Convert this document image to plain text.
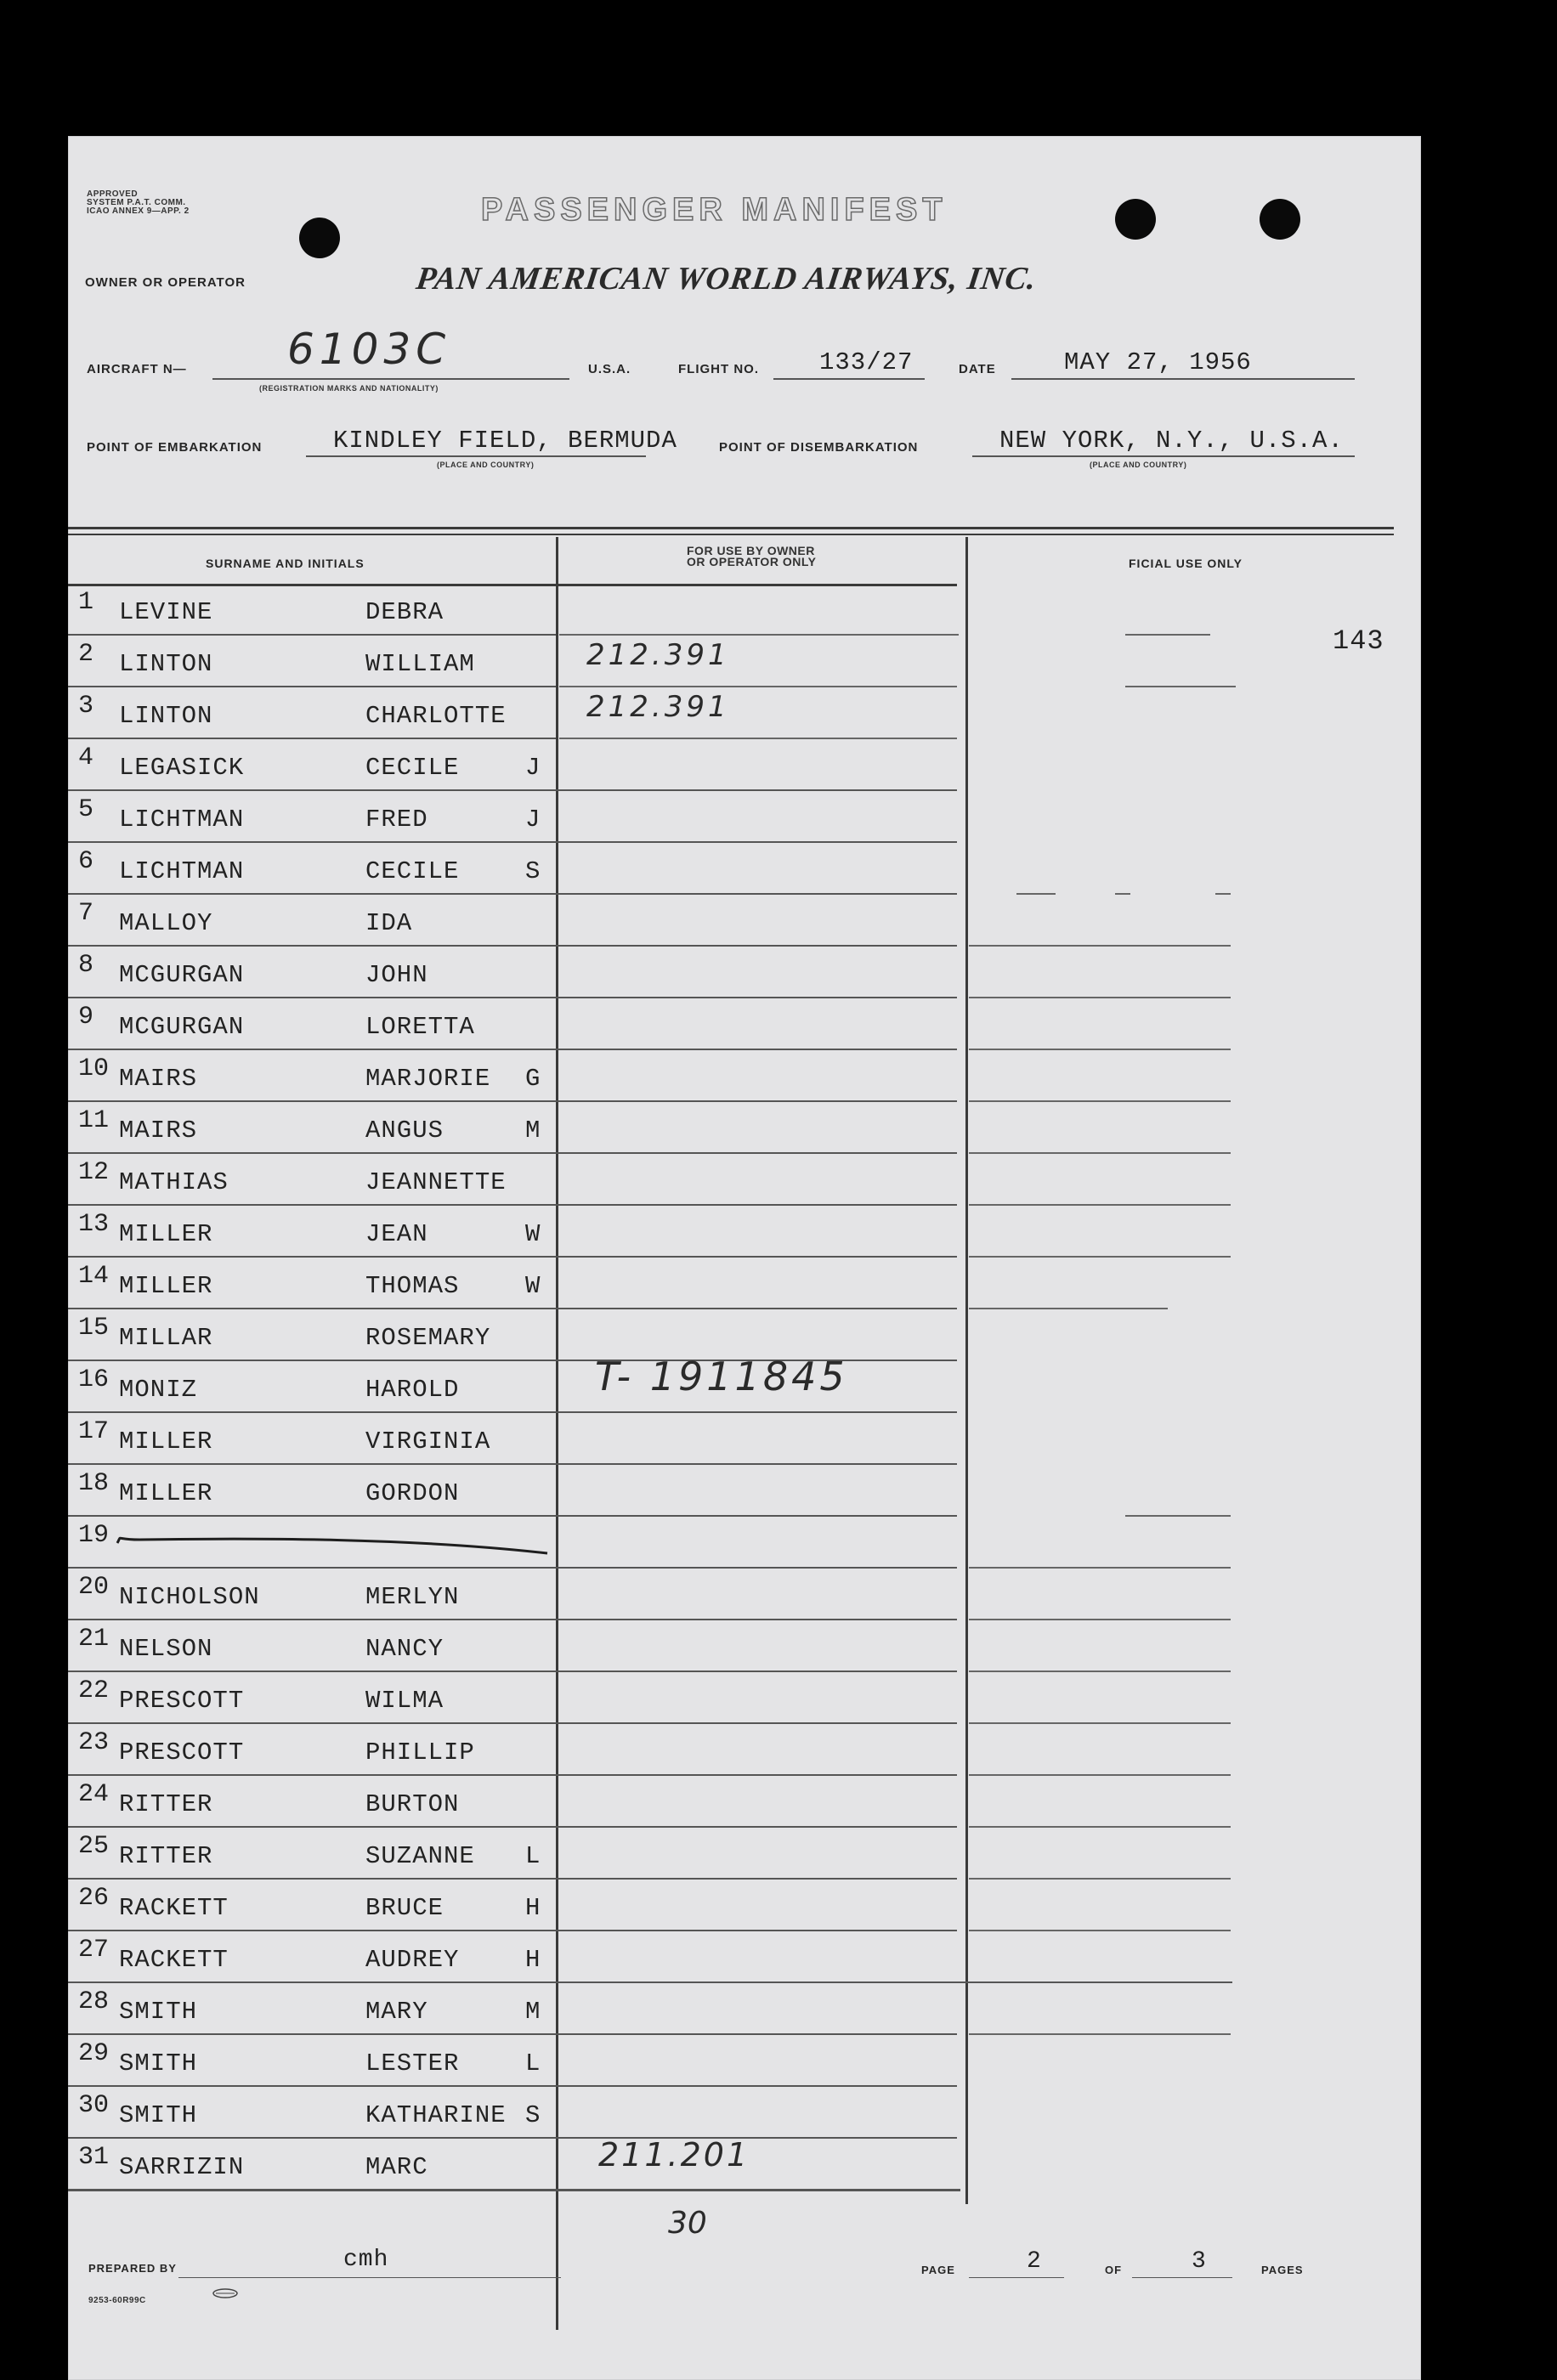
APPROVED
SYSTEM P.A.T. COMM.
ICAO ANNEX 9—APP. 2	PASSENGER MANIFEST
OWNER OR OPERATOR	PAN AMERICAN WORLD AIRWAYS, INC.
AIRCRAFT N— 6103C
(REGISTRATION MARKS AND NATIONALITY)
U.S.A.	FLIGHT NO. 133/27	DATE	MAY 27, 1956
POINT OF EMBARKATION	KINDLEY FIELD, BERMUDA
(PLACE AND COUNTRY)
POINT OF DISEMBARKATION	NEW YORK, N.Y., U.S.A.
(PLACE AND COUNTRY)
SURNAME AND INITIALS
FOR USE BY OWNER
OR OPERATOR ONLY	FICIAL USE ONLY
143
1 LEVINE	DEBRA
2 LINTON	WILLIAM	212.391
3 LINTON	CHARLOTTE	212.391
4 LEGASICK	CECILE	J
5 LICHTMAN	FRED	J
6 LICHTMAN	CECILE	S
7 MALLOY	IDA
8 MCGURGAN	JOHN
9 MCGURGAN	LORETTA
10 MAIRS	MARJORIE G
11 MAIRS	ANGUS	M
12 MATHIAS	JEANNETTE
13 MILLER	JEAN	W
14 MILLER	THOMAS	W
15 MILLAR	ROSEMARY
16 MONIZ	HAROLD	T- 1911845
17 MILLER	VIRGINIA
18 MILLER	GORDON
19
20 NICHOLSON	MERLYN
21 NELSON	NANCY
22 PRESCOTT	WILMA
23 PRESCOTT	PHILLIP
24 RITTER	BURTON
25 RITTER	SUZANNE L
26 RACKETT	BRUCE	H
27 RACKETT	AUDREY	H
28 SMITH	MARY	M
29 SMITH	LESTER	L
30 SMITH	KATHARINE S
31 SARRIZIN	MARC	211.201
30
PREPARED BY	cmh	PAGE	2	OF	3	PAGES
9253-60R99C
